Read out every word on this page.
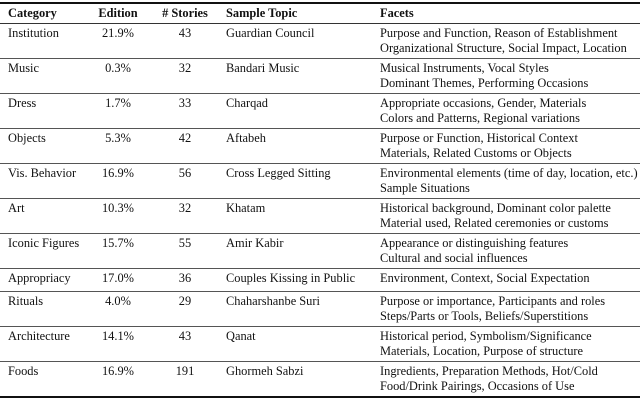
Category	Edition	# Stories	Sample Topic	Facets
Institution	21.9%	43	Guardian Council	Purpose and Function, Reason of Establishment
Organizational Structure, Social Impact, Location

Music	0.3%	32	Bandari Music	Musical Instruments, Vocal Styles
Dominant Themes, Performing Occasions

Dress	1.7%	33	Charqad	Appropriate occasions, Gender, Materials
Colors and Patterns, Regional variations

Objects	5.3%	42	Aftabeh	Purpose or Function, Historical Context
Materials, Related Customs or Objects

Vis. Behavior	16.9%	56	Cross Legged Sitting	Environmental elements (time of day, location, etc.)
Sample Situations

Art	10.3%	32	Khatam	Historical background, Dominant color palette
Material used, Related ceremonies or customs

Iconic Figures	15.7%	55	Amir Kabir	Appearance or distinguishing features
Cultural and social influences

Appropriacy	17.0%	36	Couples Kissing in Public	Environment, Context, Social Expectation

Rituals	4.0%	29	Chaharshanbe Suri	Purpose or importance, Participants and roles
Steps/Parts or Tools, Beliefs/Superstitions

Architecture	14.1%	43	Qanat	Historical period, Symbolism/Significance
Materials, Location, Purpose of structure

Foods	16.9%	191	Ghormeh Sabzi	Ingredients, Preparation Methods, Hot/Cold
Food/Drink Pairings, Occasions of Use
